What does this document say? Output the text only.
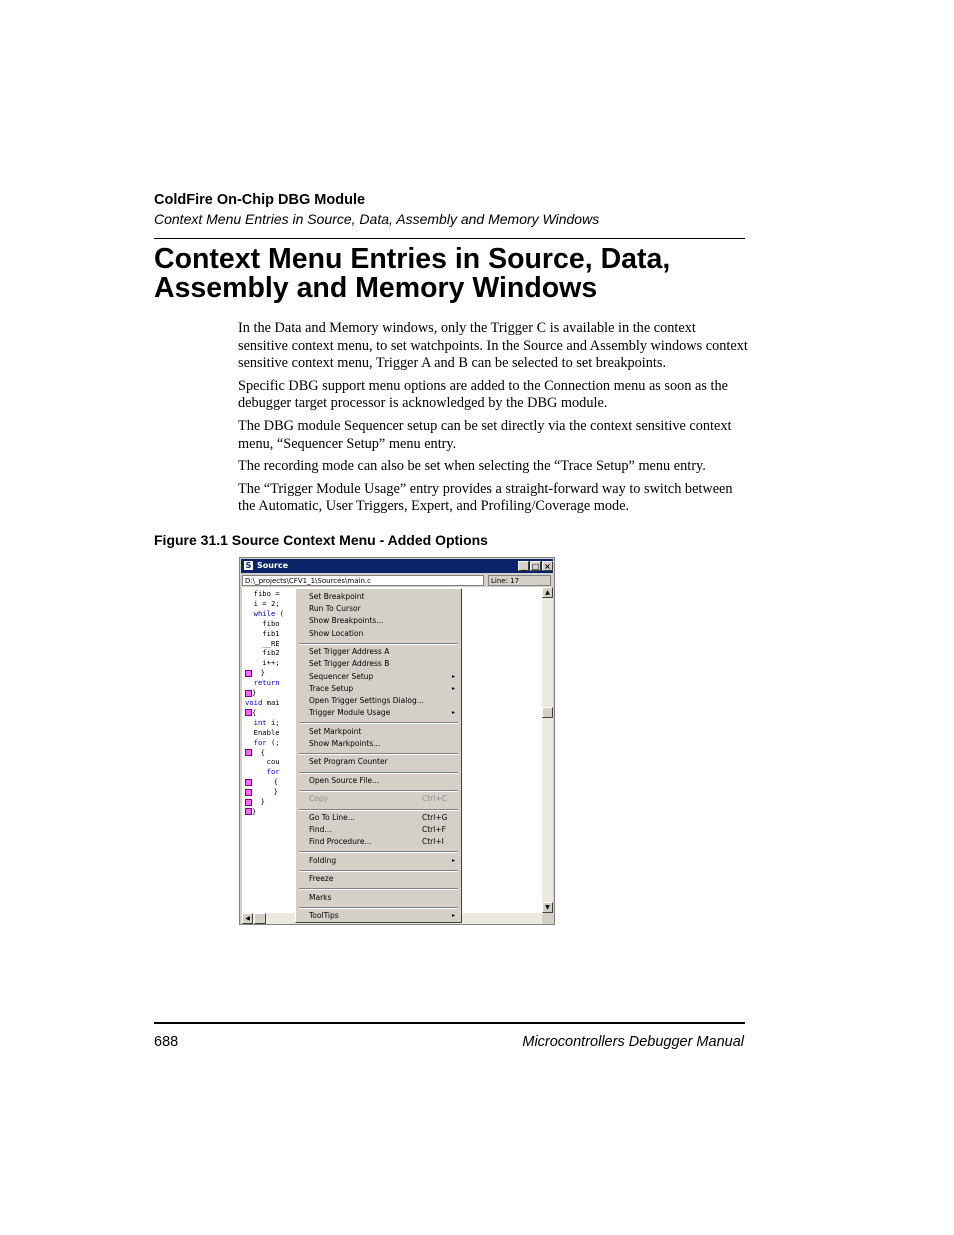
ColdFire On-Chip DBG Module
Context Menu Entries in Source, Data, Assembly and Memory Windows
Context Menu Entries in Source, Data,
Assembly and Memory Windows

In the Data and Memory windows, only the Trigger C is available in the context sensitive context menu, to set watchpoints. In the Source and Assembly windows context sensitive context menu, Trigger A and B can be selected to set breakpoints.

Specific DBG support menu options are added to the Connection menu as soon as the debugger target processor is acknowledged by the DBG module.

The DBG module Sequencer setup can be set directly via the context sensitive context menu, “Sequencer Setup” menu entry.

The recording mode can also be set when selecting the “Trace Setup” menu entry.

The “Trigger Module Usage” entry provides a straight-forward way to switch between the Automatic, User Triggers, Expert, and Profiling/Coverage mode.

Figure 31.1 Source Context Menu - Added Options
S Source	_ □ ×
D:\_projects\CFV1_1\Sources\main.c	Line: 17
fibo =
i = 2;
while (
fibo
fib1
__RE
fib2
i++;
}
return
}
void mai
{
int i;
Enable
for (;
{
cou
for
{
}
}
}
▲
▼
◀
Set Breakpoint
Run To Cursor
Show Breakpoints...
Show Location
Set Trigger Address A
Set Trigger Address B
Sequencer Setup	▸
Trace Setup	▸
Open Trigger Settings Dialog...
Trigger Module Usage	▸
Set Markpoint
Show Markpoints...
Set Program Counter
Open Source File...
Copy	Ctrl+C
Go To Line...	Ctrl+G
Find...	Ctrl+F
Find Procedure...	Ctrl+I
Folding	▸
Freeze
Marks
ToolTips	▸
688	Microcontrollers Debugger Manual
